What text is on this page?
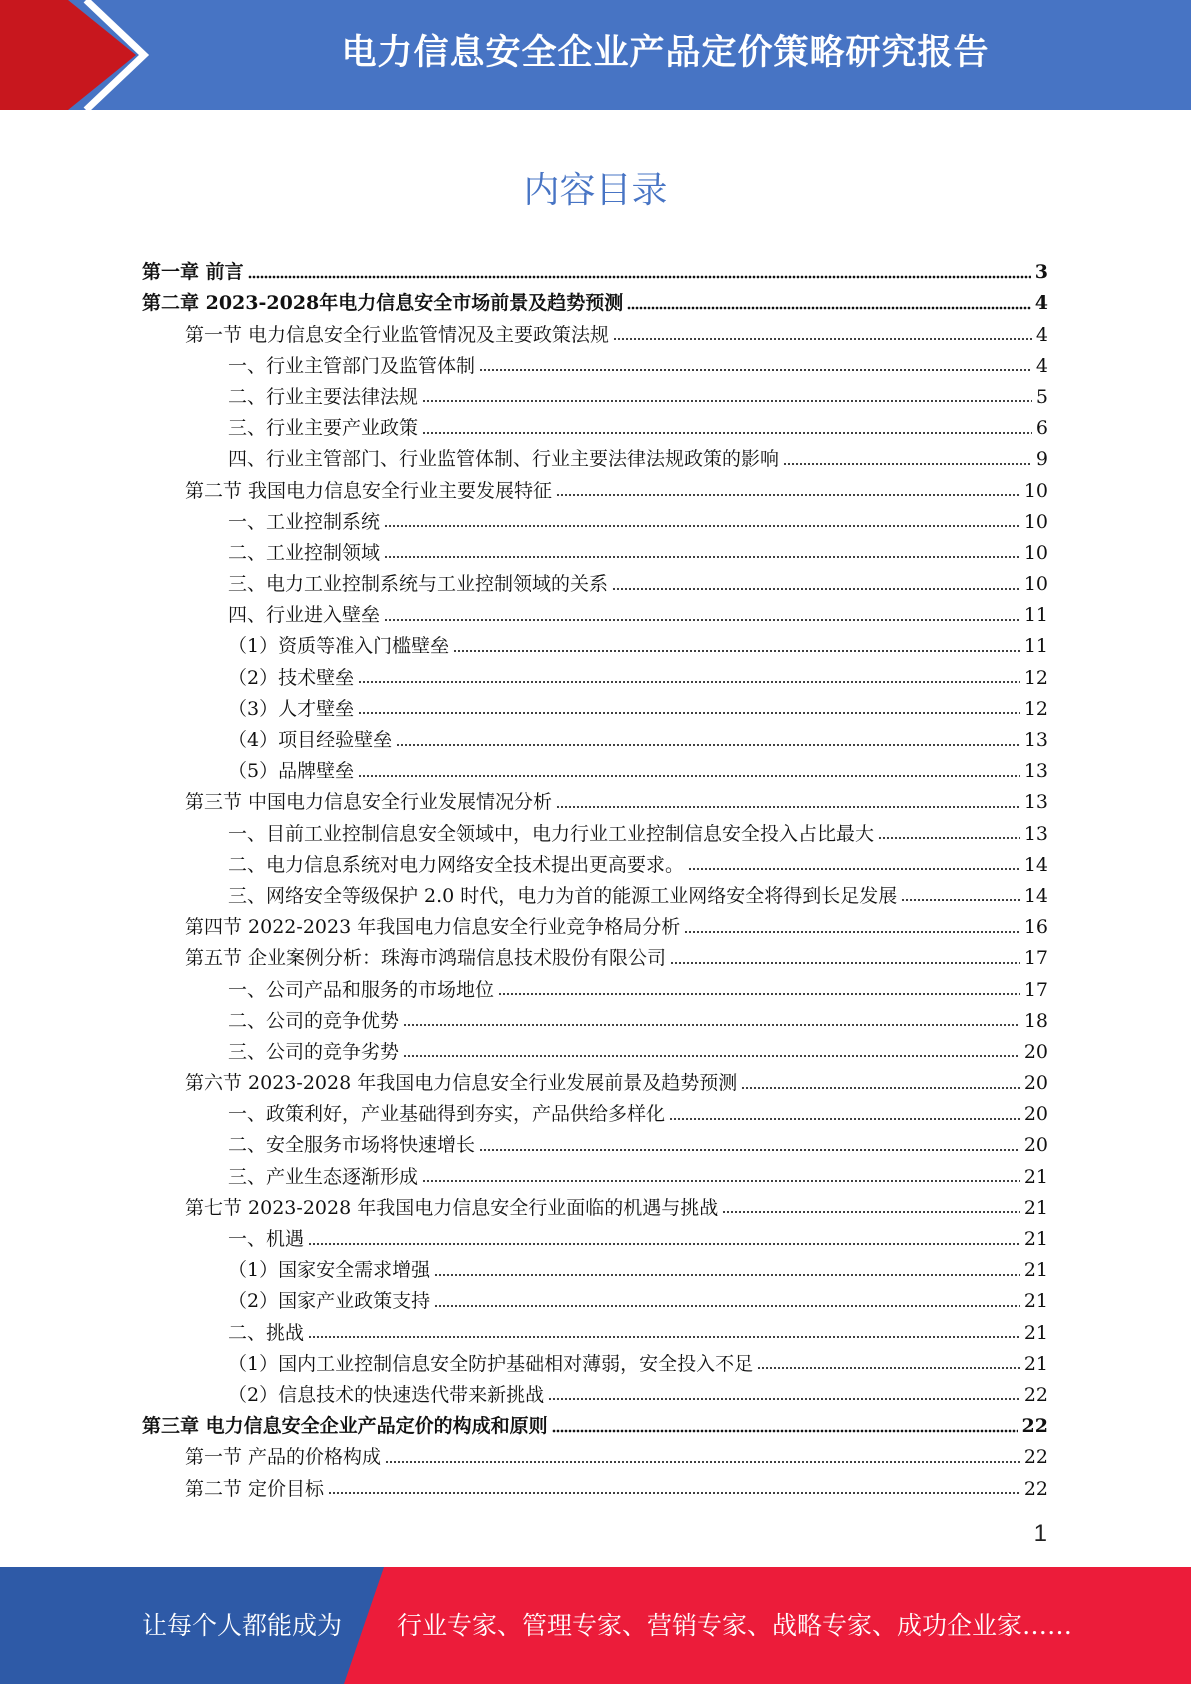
电力信息安全企业产品定价策略研究报告
内容目录
第一章 前言	3
第二章 2023-2028年电力信息安全市场前景及趋势预测	4
第一节 电力信息安全行业监管情况及主要政策法规	4
一、行业主管部门及监管体制	4
二、行业主要法律法规	5
三、行业主要产业政策	6
四、行业主管部门、行业监管体制、行业主要法律法规政策的影响	9
第二节 我国电力信息安全行业主要发展特征	10
一、工业控制系统	10
二、工业控制领域	10
三、电力工业控制系统与工业控制领域的关系	10
四、行业进入壁垒	11
（1）资质等准入门槛壁垒	11
（2）技术壁垒	12
（3）人才壁垒	12
（4）项目经验壁垒	13
（5）品牌壁垒	13
第三节 中国电力信息安全行业发展情况分析	13
一、目前工业控制信息安全领域中，电力行业工业控制信息安全投入占比最大	13
二、电力信息系统对电力网络安全技术提出更高要求。	14
三、网络安全等级保护 2.0 时代，电力为首的能源工业网络安全将得到长足发展	14
第四节 2022-2023 年我国电力信息安全行业竞争格局分析	16
第五节 企业案例分析：珠海市鸿瑞信息技术股份有限公司	17
一、公司产品和服务的市场地位	17
二、公司的竞争优势	18
三、公司的竞争劣势	20
第六节 2023-2028 年我国电力信息安全行业发展前景及趋势预测	20
一、政策利好，产业基础得到夯实，产品供给多样化	20
二、安全服务市场将快速增长	20
三、产业生态逐渐形成	21
第七节 2023-2028 年我国电力信息安全行业面临的机遇与挑战	21
一、机遇	21
（1）国家安全需求增强	21
（2）国家产业政策支持	21
二、挑战	21
（1）国内工业控制信息安全防护基础相对薄弱，安全投入不足	21
（2）信息技术的快速迭代带来新挑战	22
第三章 电力信息安全企业产品定价的构成和原则	22
第一节 产品的价格构成	22
第二节 定价目标	22
1
让每个人都能成为 行业专家、管理专家、营销专家、战略专家、成功企业家……
